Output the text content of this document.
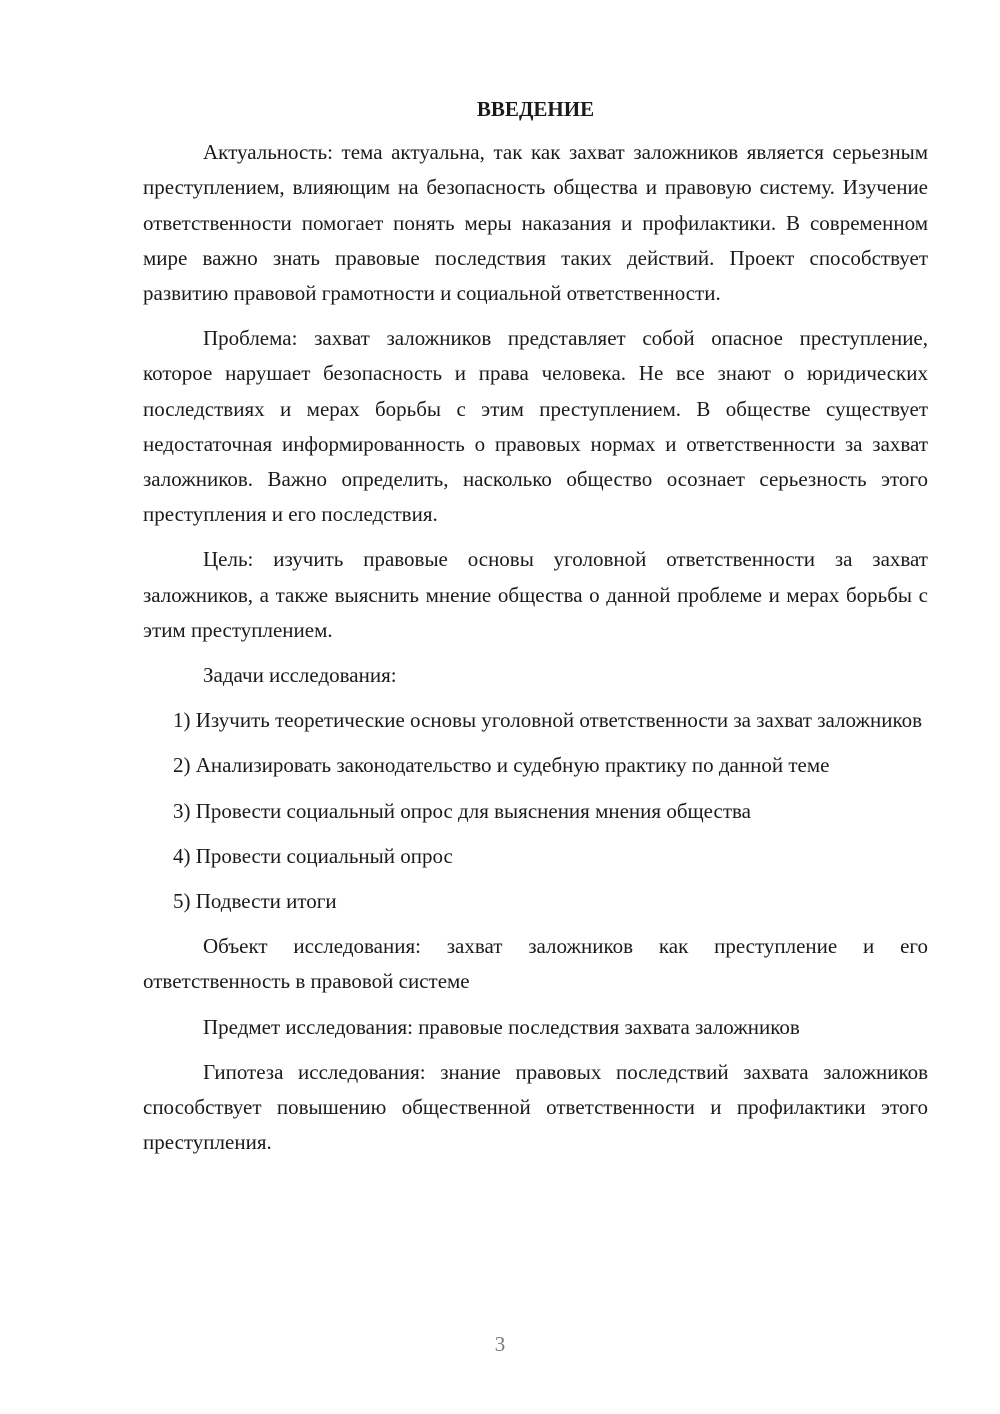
ВВЕДЕНИЕ

Актуальность: тема актуальна, так как захват заложников является серьезным преступлением, влияющим на безопасность общества и правовую систему. Изучение ответственности помогает понять меры наказания и профилактики. В современном мире важно знать правовые последствия таких действий. Проект способствует развитию правовой грамотности и социальной ответственности.

Проблема: захват заложников представляет собой опасное преступление, которое нарушает безопасность и права человека. Не все знают о юридических последствиях и мерах борьбы с этим преступлением. В обществе существует недостаточная информированность о правовых нормах и ответственности за захват заложников. Важно определить, насколько общество осознает серьезность этого преступления и его последствия.

Цель: изучить правовые основы уголовной ответственности за захват заложников, а также выяснить мнение общества о данной проблеме и мерах борьбы с этим преступлением.

Задачи исследования:

1) Изучить теоретические основы уголовной ответственности за захват заложников

2) Анализировать законодательство и судебную практику по данной теме

3) Провести социальный опрос для выяснения мнения общества

4) Провести социальный опрос

5) Подвести итоги

Объект исследования: захват заложников как преступление и его ответственность в правовой системе

Предмет исследования: правовые последствия захвата заложников

Гипотеза исследования: знание правовых последствий захвата заложников способствует повышению общественной ответственности и профилактики этого преступления.

3
